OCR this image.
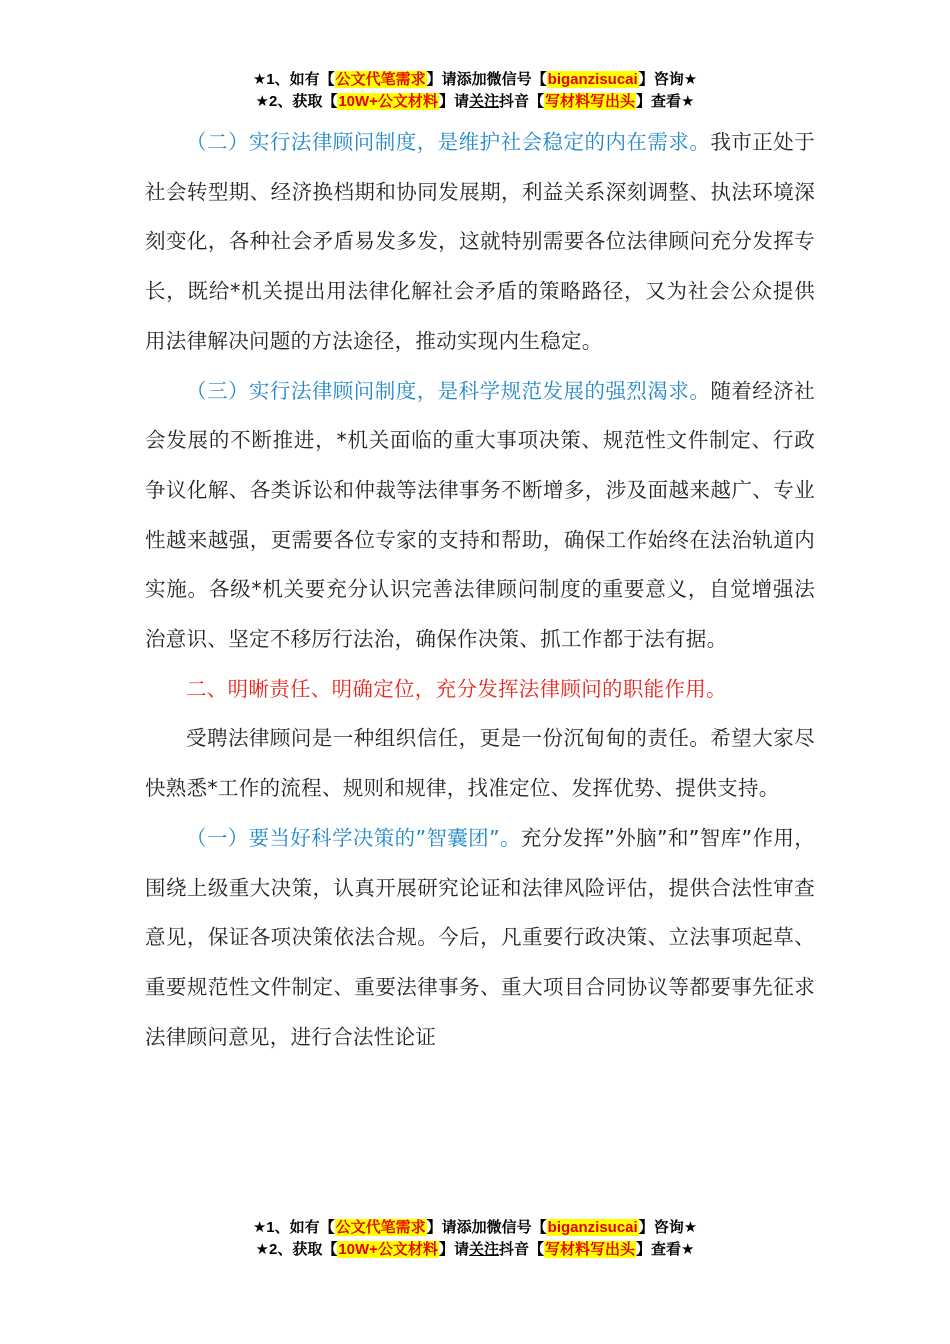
★1、如有【公文代笔需求】请添加微信号【biganzisucai】咨询★
★2、获取【10W+公文材料】请关注抖音【写材料写出头】查看★

（二）实行法律顾问制度，是维护社会稳定的内在需求。我市正处于社会转型期、经济换档期和协同发展期，利益关系深刻调整、执法环境深刻变化，各种社会矛盾易发多发，这就特别需要各位法律顾问充分发挥专长，既给*机关提出用法律化解社会矛盾的策略路径，又为社会公众提供用法律解决问题的方法途径，推动实现内生稳定。

（三）实行法律顾问制度，是科学规范发展的强烈渴求。随着经济社会发展的不断推进，*机关面临的重大事项决策、规范性文件制定、行政争议化解、各类诉讼和仲裁等法律事务不断增多，涉及面越来越广、专业性越来越强，更需要各位专家的支持和帮助，确保工作始终在法治轨道内实施。各级*机关要充分认识完善法律顾问制度的重要意义，自觉增强法治意识、坚定不移厉行法治，确保作决策、抓工作都于法有据。

二、明晰责任、明确定位，充分发挥法律顾问的职能作用。

受聘法律顾问是一种组织信任，更是一份沉甸甸的责任。希望大家尽快熟悉*工作的流程、规则和规律，找准定位、发挥优势、提供支持。

（一）要当好科学决策的”智囊团”。充分发挥”外脑”和”智库”作用，围绕上级重大决策，认真开展研究论证和法律风险评估，提供合法性审查意见，保证各项决策依法合规。今后，凡重要行政决策、立法事项起草、重要规范性文件制定、重要法律事务、重大项目合同协议等都要事先征求法律顾问意见，进行合法性论证

★1、如有【公文代笔需求】请添加微信号【biganzisucai】咨询★
★2、获取【10W+公文材料】请关注抖音【写材料写出头】查看★
